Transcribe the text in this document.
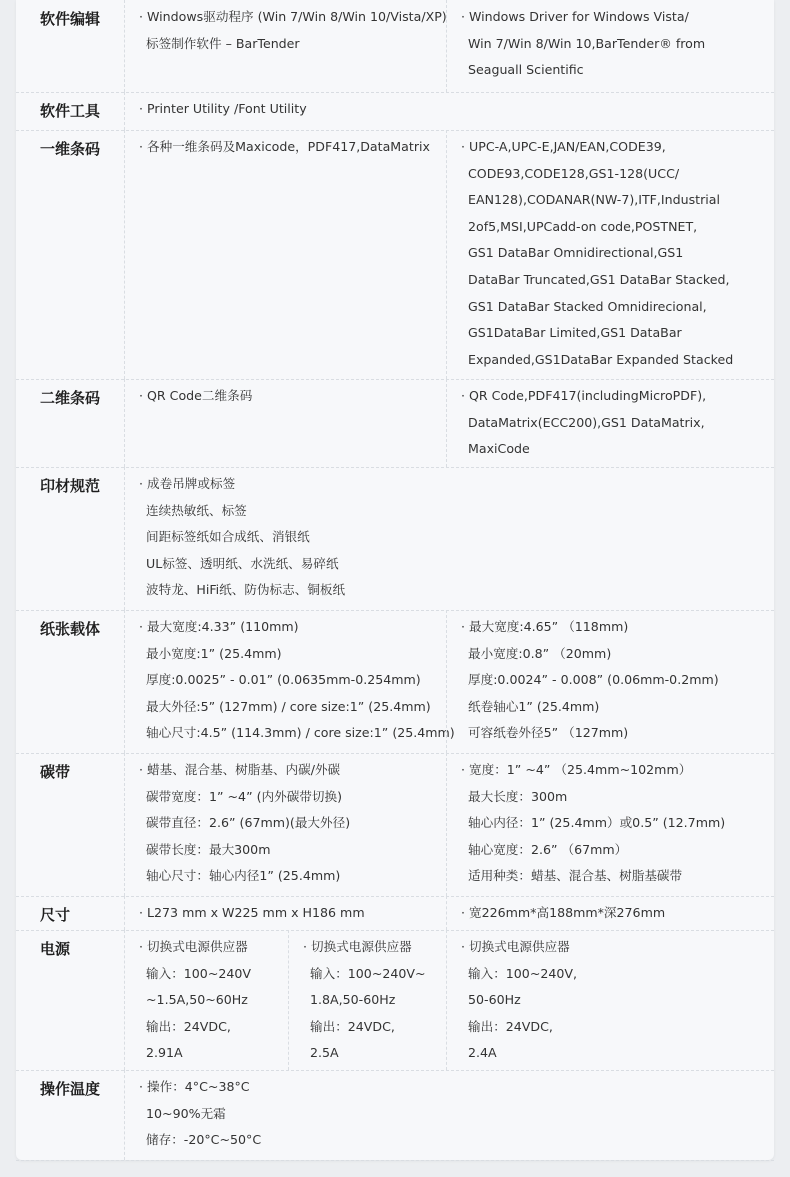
软件编辑	· Windows驱动程序 (Win 7/Win 8/Win 10/Vista/XP)
标签制作软件 – BarTender
· Windows Driver for Windows Vista/
Win 7/Win 8/Win 10,BarTender® from
Seaguall Scientific
软件工具	· Printer Utility /Font Utility
一维条码	· 各种一维条码及Maxicode，PDF417,DataMatrix	· UPC-A,UPC-E,JAN/EAN,CODE39,
CODE93,CODE128,GS1-128(UCC/
EAN128),CODANAR(NW-7),ITF,Industrial
2of5,MSI,UPCadd-on code,POSTNET,
GS1 DataBar Omnidirectional,GS1
DataBar Truncated,GS1 DataBar Stacked,
GS1 DataBar Stacked Omnidirecional,
GS1DataBar Limited,GS1 DataBar
Expanded,GS1DataBar Expanded Stacked
二维条码	· QR Code二维条码	· QR Code,PDF417(includingMicroPDF),
DataMatrix(ECC200),GS1 DataMatrix,
MaxiCode
印材规范	· 成卷吊牌或标签
连续热敏纸、标签
间距标签纸如合成纸、消银纸
UL标签、透明纸、水洗纸、易碎纸
波特龙、HiFi纸、防伪标志、铜板纸
纸张载体	· 最大宽度:4.33” (110mm)
最小宽度:1” (25.4mm)
厚度:0.0025” - 0.01” (0.0635mm-0.254mm)
最大外径:5” (127mm) / core size:1” (25.4mm)
轴心尺寸:4.5” (114.3mm) / core size:1” (25.4mm)
· 最大宽度:4.65” （118mm)
最小宽度:0.8” （20mm)
厚度:0.0024” - 0.008” (0.06mm-0.2mm)
纸卷轴心1” (25.4mm)
可容纸卷外径5” （127mm)
碳带	· 蜡基、混合基、树脂基、内碳/外碳
碳带宽度：1” ~4” (内外碳带切换)
碳带直径：2.6” (67mm)(最大外径)
碳带长度：最大300m
轴心尺寸：轴心内径1” (25.4mm)
· 宽度：1” ~4” （25.4mm~102mm）
最大长度：300m
轴心内径：1” (25.4mm）或0.5” (12.7mm)
轴心宽度：2.6” （67mm）
适用种类：蜡基、混合基、树脂基碳带
尺寸	· L273 mm x W225 mm x H186 mm	· 宽226mm*高188mm*深276mm
电源	· 切换式电源供应器
输入：100~240V
~1.5A,50~60Hz
输出：24VDC,
2.91A
· 切换式电源供应器
输入：100~240V~
1.8A,50-60Hz
输出：24VDC,
2.5A
· 切换式电源供应器
输入：100~240V,
50-60Hz
输出：24VDC,
2.4A
操作温度	· 操作：4°C~38°C
10~90%无霜
储存：-20°C~50°C
